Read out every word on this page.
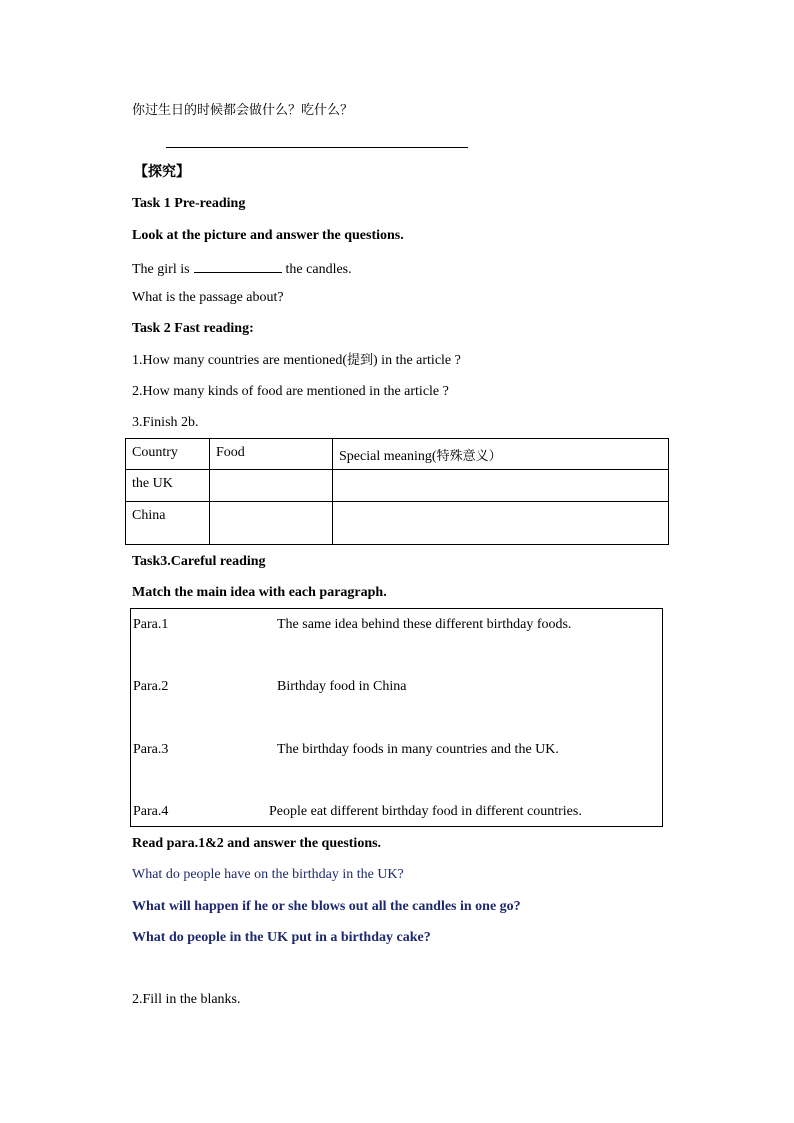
你过生日的时候都会做什么？吃什么？
【探究】
Task 1 Pre-reading
Look at the picture and answer the questions.
The girl is	the candles.
What is the passage about?
Task 2 Fast reading:
1.How many countries are mentioned(提到) in the article ?
2.How many kinds of food are mentioned in the article ?
3.Finish 2b.
Country	Food	Special meaning(特殊意义）
the UK		
China		
Task3.Careful reading
Match the main idea with each paragraph.
Para.1	The same idea behind these different birthday foods.
Para.2	Birthday food in China
Para.3	The birthday foods in many countries and the UK.
Para.4	People eat different birthday food in different countries.
Read para.1&2 and answer the questions.
What do people have on the birthday in the UK?
What will happen if he or she blows out all the candles in one go?
What do people in the UK put in a birthday cake?
2.Fill in the blanks.
